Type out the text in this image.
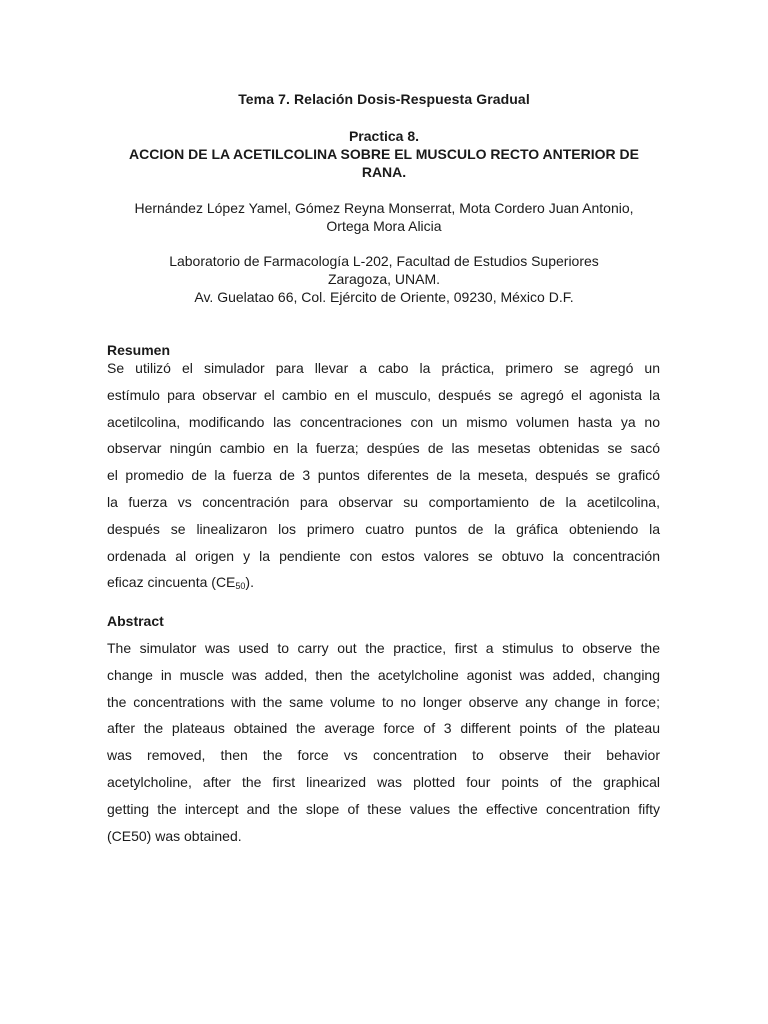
Tema 7. Relación Dosis-Respuesta Gradual
Practica 8.
ACCION DE LA ACETILCOLINA SOBRE EL MUSCULO RECTO ANTERIOR DE
RANA.
Hernández López Yamel, Gómez Reyna Monserrat, Mota Cordero Juan Antonio,
Ortega Mora Alicia
Laboratorio de Farmacología L-202, Facultad de Estudios Superiores
Zaragoza, UNAM.
Av. Guelatao 66, Col. Ejército de Oriente, 09230, México D.F.
Resumen
Se utilizó el simulador para llevar a cabo la práctica, primero se agregó un
estímulo para observar el cambio en el musculo, después se agregó el agonista la
acetilcolina, modificando las concentraciones con un mismo volumen hasta ya no
observar ningún cambio en la fuerza; despúes de las mesetas obtenidas se sacó
el promedio de la fuerza de 3 puntos diferentes de la meseta, después se graficó
la fuerza vs concentración para observar su comportamiento de la acetilcolina,
después se linealizaron los primero cuatro puntos de la gráfica obteniendo la
ordenada al origen y la pendiente con estos valores se obtuvo la concentración
eficaz cincuenta $(CE_{50})$.
Abstract
The simulator was used to carry out the practice, first a stimulus to observe the
change in muscle was added, then the acetylcholine agonist was added, changing
the concentrations with the same volume to no longer observe any change in force;
after the plateaus obtained the average force of 3 different points of the plateau
was removed, then the force vs concentration to observe their behavior
acetylcholine, after the first linearized was plotted four points of the graphical
getting the intercept and the slope of these values the effective concentration fifty
(CE50) was obtained.
